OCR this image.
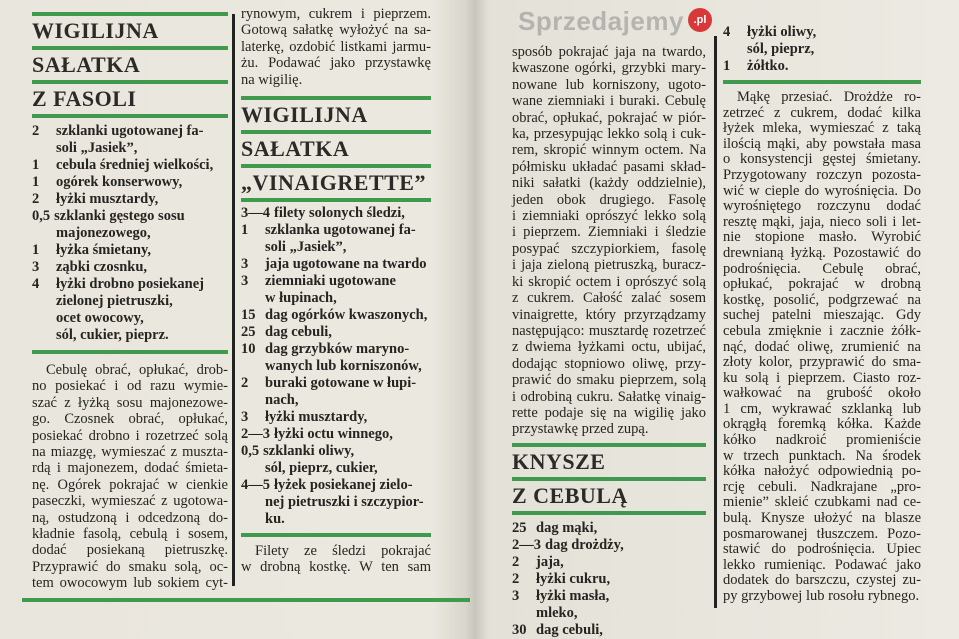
WIGILIJNA
SAŁATKA
Z FASOLI
2	szklanki ugotowanej fa-
soli „Jasiek”,
1	cebula średniej wielkości,
1	ogórek konserwowy,
2	łyżki musztardy,
0,5 szklanki gęstego sosu
majonezowego,
1	łyżka śmietany,
3	ząbki czosnku,
4	łyżki drobno posiekanej
zielonej pietruszki,
ocet owocowy,
sól, cukier, pieprz.
Cebulę obrać, opłukać, drob-
no posiekać i od razu wymie-
szać z łyżką sosu majonezowe-
go. Czosnek obrać, opłukać,
posiekać drobno i rozetrzeć solą
na miazgę, wymieszać z muszta-
rdą i majonezem, dodać śmieta-
nę. Ogórek pokrajać w cienkie
paseczki, wymieszać z ugotowa-
ną, ostudzoną i odcedzoną do-
kładnie fasolą, cebulą i sosem,
dodać posiekaną pietruszkę.
Przyprawić do smaku solą, oc-
tem owocowym lub sokiem cyt-
rynowym, cukrem i pieprzem.
Gotową sałatkę wyłożyć na sa-
laterkę, ozdobić listkami jarmu-
żu. Podawać jako przystawkę
na wigilię.
WIGILIJNA
SAŁATKA
„VINAIGRETTE”
3—4 filety solonych śledzi,
1	szklanka ugotowanej fa-
soli „Jasiek”,
3	jaja ugotowane na twardo
3	ziemniaki ugotowane
w łupinach,
15 dag ogórków kwaszonych,
25 dag cebuli,
10 dag grzybków maryno-
wanych lub korniszonów,
2	buraki gotowane w łupi-
nach,
3	łyżki musztardy,
2—3 łyżki octu winnego,
0,5 szklanki oliwy,
sól, pieprz, cukier,
4—5 łyżek posiekanej zielo-
nej pietruszki i szczypior-
ku.
Filety ze śledzi pokrajać
w drobną kostkę. W ten sam
sposób pokrajać jaja na twardo,
kwaszone ogórki, grzybki mary-
nowane lub korniszony, ugoto-
wane ziemniaki i buraki. Cebulę
obrać, opłukać, pokrajać w piór-
ka, przesypując lekko solą i cuk-
rem, skropić winnym octem. Na
półmisku układać pasami skład-
niki sałatki (każdy oddzielnie),
jeden obok drugiego. Fasolę
i ziemniaki oprószyć lekko solą
i pieprzem. Ziemniaki i śledzie
posypać szczypiorkiem, fasolę
i jaja zieloną pietruszką, buracz-
ki skropić octem i oprószyć solą
z cukrem. Całość zalać sosem
vinaigrette, który przyrządzamy
następująco: musztardę rozetrzeć
z dwiema łyżkami octu, ubijać,
dodając stopniowo oliwę, przy-
prawić do smaku pieprzem, solą
i odrobiną cukru. Sałatkę vinaig-
rette podaje się na wigilię jako
przystawkę przed zupą.
KNYSZE
Z CEBULĄ
25 dag mąki,
2—3 dag drożdży,
2	jaja,
2	łyżki cukru,
3	łyżki masła,
mleko,
30 dag cebuli,
4	łyżki oliwy,
sól, pieprz,
1	żółtko.
Mąkę przesiać. Drożdże ro-
zetrzeć z cukrem, dodać kilka
łyżek mleka, wymieszać z taką
ilością mąki, aby powstała masa
o konsystencji gęstej śmietany.
Przygotowany rozczyn pozosta-
wić w cieple do wyrośnięcia. Do
wyrośniętego rozczynu dodać
resztę mąki, jaja, nieco soli i let-
nie stopione masło. Wyrobić
drewnianą łyżką. Pozostawić do
podrośnięcia. Cebulę obrać,
opłukać, pokrajać w drobną
kostkę, posolić, podgrzewać na
suchej patelni mieszając. Gdy
cebula zmięknie i zacznie żółk-
nąć, dodać oliwę, zrumienić na
złoty kolor, przyprawić do sma-
ku solą i pieprzem. Ciasto roz-
wałkować na grubość około
1 cm, wykrawać szklanką lub
okrągłą foremką kółka. Każde
kółko nadkroić promieniście
w trzech punktach. Na środek
kółka nałożyć odpowiednią po-
rcję cebuli. Nadkrajane „pro-
mienie” skleić czubkami nad ce-
bulą. Knysze ułożyć na blasze
posmarowanej tłuszczem. Pozo-
stawić do podrośnięcia. Upiec
lekko rumieniąc. Podawać jako
dodatek do barszczu, czystej zu-
py grzybowej lub rosołu rybnego.
Sprzedajemy .pl
